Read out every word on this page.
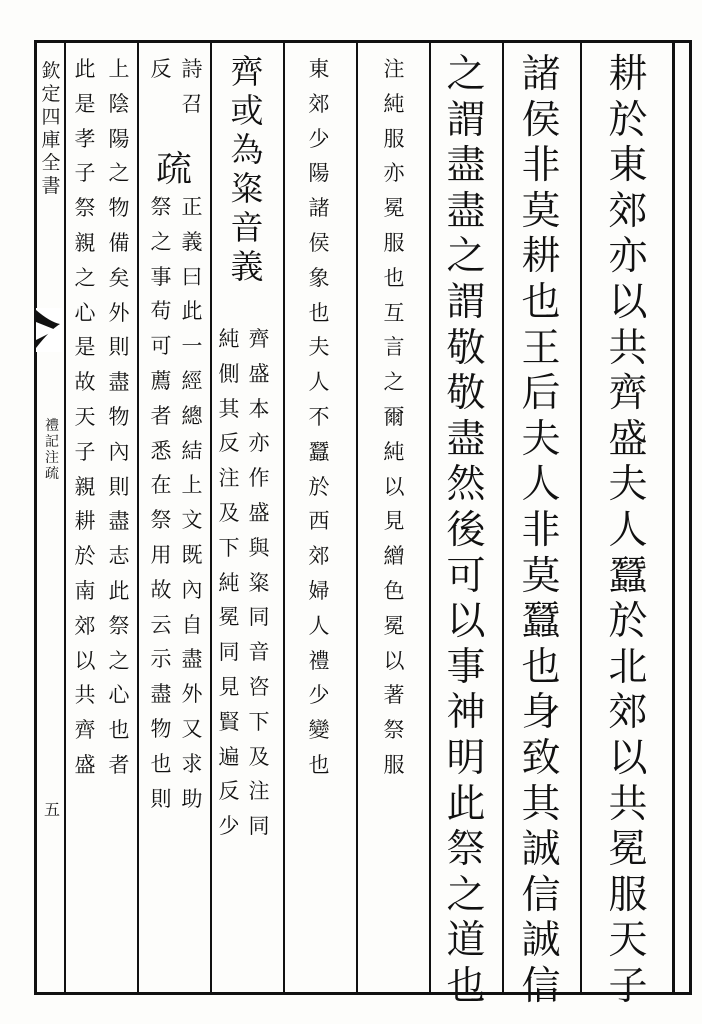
欽定四庫全書
禮記注疏
五
耕於東郊亦以共齊盛夫人蠶於北郊以共冕服天子
諸侯非莫耕也王后夫人非莫蠶也身致其誠信誠信
之謂盡盡之謂敬敬盡然後可以事神明此祭之道也
注純服亦冕服也互言之爾純以見繒色冕以著祭服
東郊少陽諸侯象也夫人不蠶於西郊婦人禮少變也
齊或為粢音義
齊盛本亦作盛與粢同音咨下及注同
純側其反注及下純冕同見賢遍反少
詩召
反
疏
正義曰此一經總結上文既內自盡外又求助
祭之事苟可薦者悉在祭用故云示盡物也則
上陰陽之物備矣外則盡物內則盡志此祭之心也者
此是孝子祭親之心是故天子親耕於南郊以共齊盛
